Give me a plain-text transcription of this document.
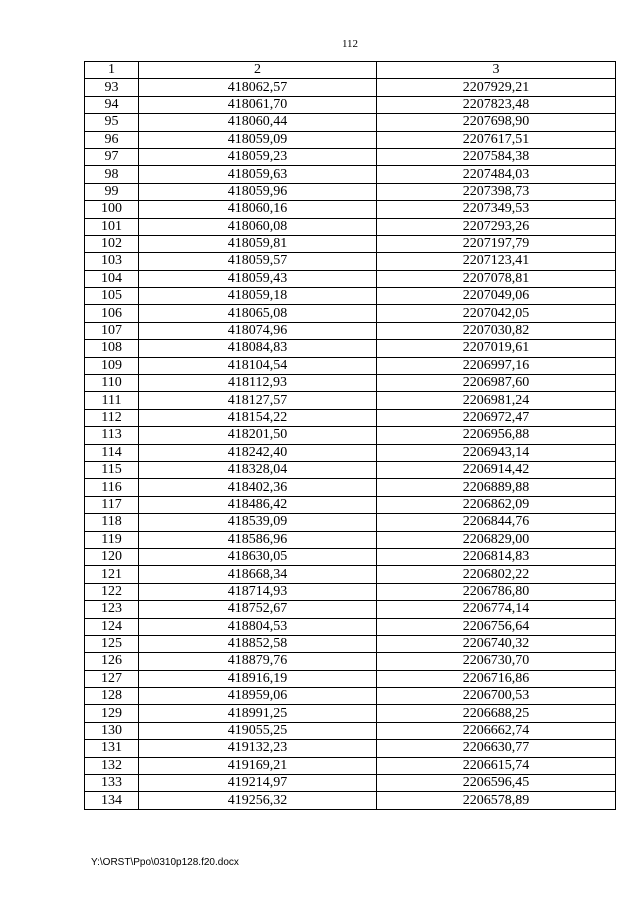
112
1	2	3
93	418062,57	2207929,21
94	418061,70	2207823,48
95	418060,44	2207698,90
96	418059,09	2207617,51
97	418059,23	2207584,38
98	418059,63	2207484,03
99	418059,96	2207398,73
100	418060,16	2207349,53
101	418060,08	2207293,26
102	418059,81	2207197,79
103	418059,57	2207123,41
104	418059,43	2207078,81
105	418059,18	2207049,06
106	418065,08	2207042,05
107	418074,96	2207030,82
108	418084,83	2207019,61
109	418104,54	2206997,16
110	418112,93	2206987,60
111	418127,57	2206981,24
112	418154,22	2206972,47
113	418201,50	2206956,88
114	418242,40	2206943,14
115	418328,04	2206914,42
116	418402,36	2206889,88
117	418486,42	2206862,09
118	418539,09	2206844,76
119	418586,96	2206829,00
120	418630,05	2206814,83
121	418668,34	2206802,22
122	418714,93	2206786,80
123	418752,67	2206774,14
124	418804,53	2206756,64
125	418852,58	2206740,32
126	418879,76	2206730,70
127	418916,19	2206716,86
128	418959,06	2206700,53
129	418991,25	2206688,25
130	419055,25	2206662,74
131	419132,23	2206630,77
132	419169,21	2206615,74
133	419214,97	2206596,45
134	419256,32	2206578,89
Y:\ORST\Ppo\0310p128.f20.docx
